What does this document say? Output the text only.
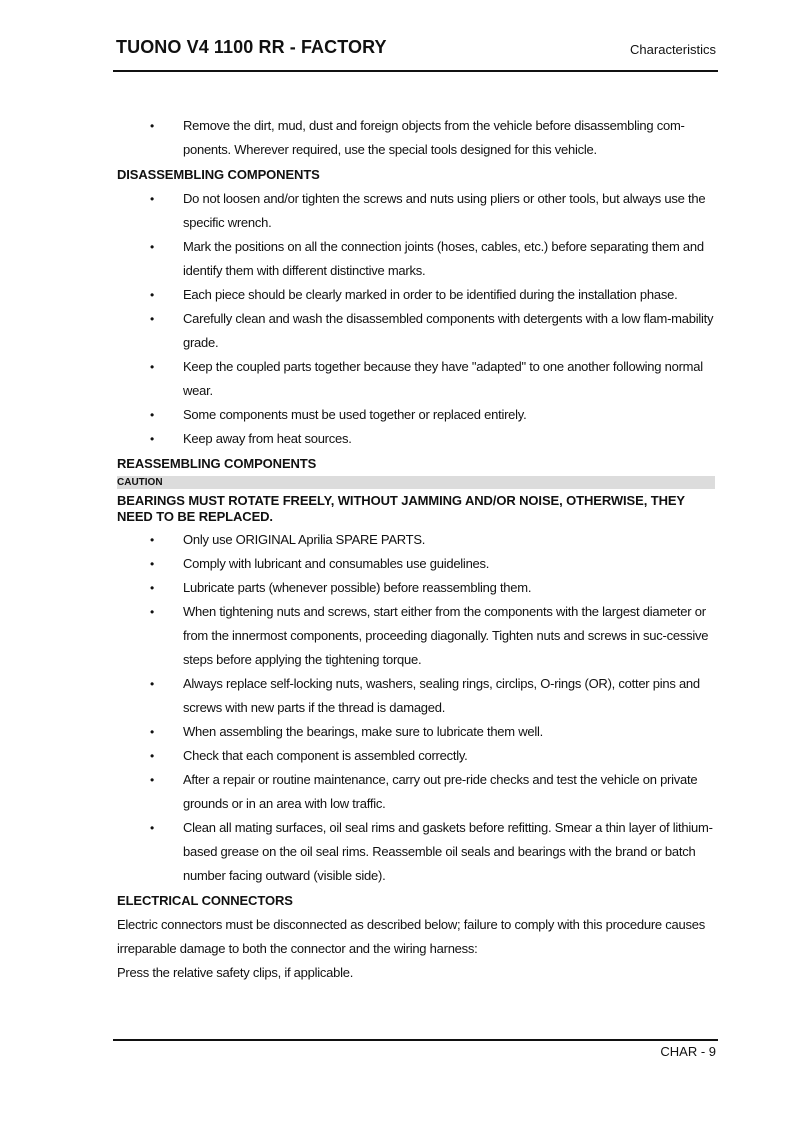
TUONO V4 1100 RR - FACTORY	Characteristics
• Remove the dirt, mud, dust and foreign objects from the vehicle before disassembling com-ponents. Wherever required, use the special tools designed for this vehicle.
DISASSEMBLING COMPONENTS
• Do not loosen and/or tighten the screws and nuts using pliers or other tools, but always use the specific wrench.
• Mark the positions on all the connection joints (hoses, cables, etc.) before separating them and identify them with different distinctive marks.
• Each piece should be clearly marked in order to be identified during the installation phase.
• Carefully clean and wash the disassembled components with detergents with a low flam-mability grade.
• Keep the coupled parts together because they have "adapted" to one another following normal wear.
• Some components must be used together or replaced entirely.
• Keep away from heat sources.
REASSEMBLING COMPONENTS
CAUTION
BEARINGS MUST ROTATE FREELY, WITHOUT JAMMING AND/OR NOISE, OTHERWISE, THEY NEED TO BE REPLACED.
• Only use ORIGINAL Aprilia SPARE PARTS.
• Comply with lubricant and consumables use guidelines.
• Lubricate parts (whenever possible) before reassembling them.
• When tightening nuts and screws, start either from the components with the largest diameter or from the innermost components, proceeding diagonally. Tighten nuts and screws in suc-cessive steps before applying the tightening torque.
• Always replace self-locking nuts, washers, sealing rings, circlips, O-rings (OR), cotter pins and screws with new parts if the thread is damaged.
• When assembling the bearings, make sure to lubricate them well.
• Check that each component is assembled correctly.
• After a repair or routine maintenance, carry out pre-ride checks and test the vehicle on private grounds or in an area with low traffic.
• Clean all mating surfaces, oil seal rims and gaskets before refitting. Smear a thin layer of lithium-based grease on the oil seal rims. Reassemble oil seals and bearings with the brand or batch number facing outward (visible side).
ELECTRICAL CONNECTORS
Electric connectors must be disconnected as described below; failure to comply with this procedure causes irreparable damage to both the connector and the wiring harness:
Press the relative safety clips, if applicable.
CHAR - 9
